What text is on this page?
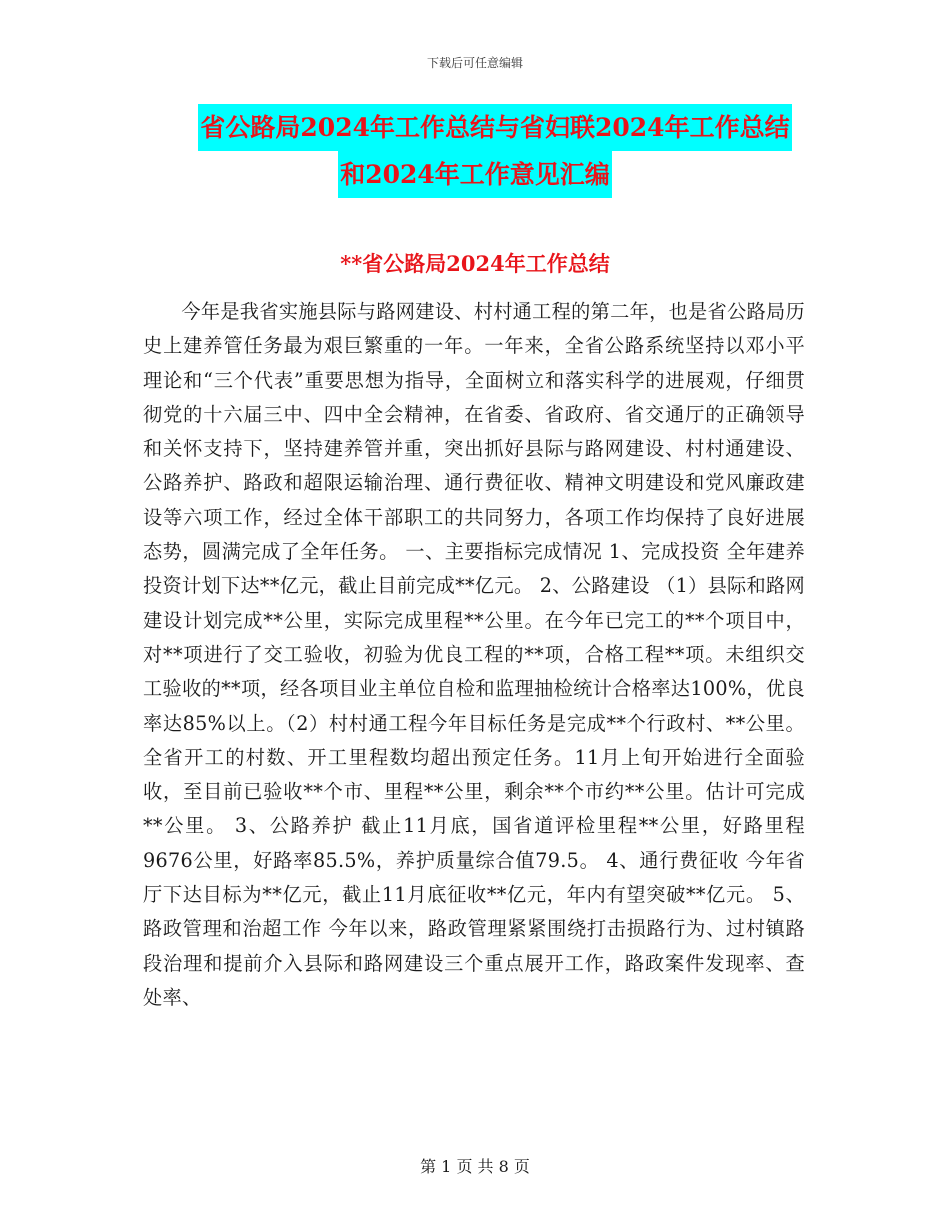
下载后可任意编辑
省公路局2024年工作总结与省妇联2024年工作总结
和2024年工作意见汇编
**省公路局2024年工作总结

今年是我省实施县际与路网建设、村村通工程的第二年，也是省公路局历史上建养管任务最为艰巨繁重的一年。一年来，全省公路系统坚持以邓小平理论和“三个代表”重要思想为指导，全面树立和落实科学的进展观，仔细贯彻党的十六届三中、四中全会精神，在省委、省政府、省交通厅的正确领导和关怀支持下，坚持建养管并重，突出抓好县际与路网建设、村村通建设、公路养护、路政和超限运输治理、通行费征收、精神文明建设和党风廉政建设等六项工作，经过全体干部职工的共同努力，各项工作均保持了良好进展态势，圆满完成了全年任务。 一、主要指标完成情况 1、完成投资 全年建养投资计划下达**亿元，截止目前完成**亿元。 2、公路建设 （1）县际和路网建设计划完成**公里，实际完成里程**公里。在今年已完工的**个项目中，对**项进行了交工验收，初验为优良工程的**项，合格工程**项。未组织交工验收的**项，经各项目业主单位自检和监理抽检统计合格率达100%，优良率达85%以上。（2）村村通工程今年目标任务是完成**个行政村、**公里。全省开工的村数、开工里程数均超出预定任务。11月上旬开始进行全面验收，至目前已验收**个市、里程**公里，剩余**个市约**公里。估计可完成**公里。 3、公路养护 截止11月底，国省道评检里程**公里，好路里程9676公里，好路率85.5%，养护质量综合值79.5。 4、通行费征收 今年省厅下达目标为**亿元，截止11月底征收**亿元，年内有望突破**亿元。 5、路政管理和治超工作 今年以来，路政管理紧紧围绕打击损路行为、过村镇路段治理和提前介入县际和路网建设三个重点展开工作，路政案件发现率、查处率、

第 1 页 共 8 页
